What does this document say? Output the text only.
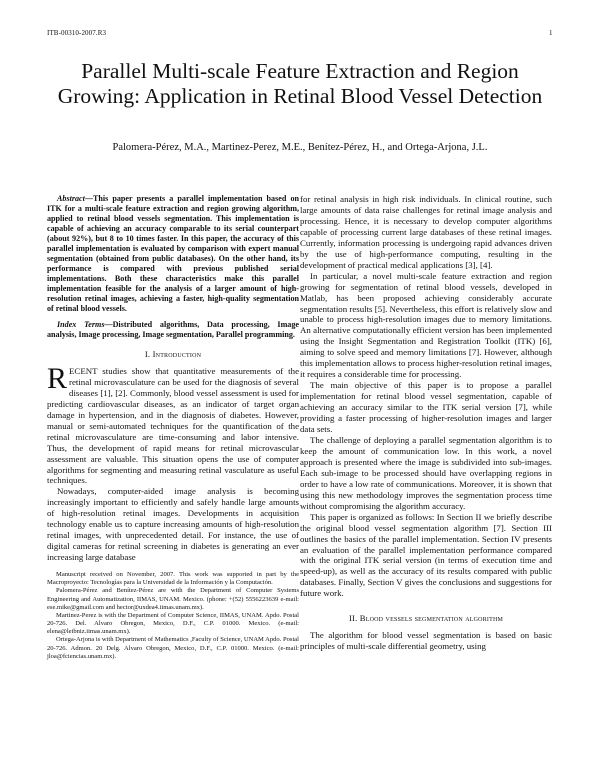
ITB-00310-2007.R3	1
Parallel Multi-scale Feature Extraction and Region Growing: Application in Retinal Blood Vessel Detection
Palomera-Pérez, M.A., Martinez-Perez, M.E., Benítez-Pérez, H., and Ortega-Arjona, J.L.

Abstract—This paper presents a parallel implementation based on ITK for a multi-scale feature extraction and region growing algorithm, applied to retinal blood vessels segmentation. This implementation is capable of achieving an accuracy comparable to its serial counterpart (about 92%), but 8 to 10 times faster. In this paper, the accuracy of this parallel implementation is evaluated by comparison with expert manual segmentation (obtained from public databases). On the other hand, its performance is compared with previous published serial implementations. Both these characteristics make this parallel implementation feasible for the analysis of a larger amount of high-resolution retinal images, achieving a faster, high-quality segmentation of retinal blood vessels.

Index Terms—Distributed algorithms, Data processing, Image analysis, Image processing, Image segmentation, Parallel programming.

I. Introduction

RECENT studies show that quantitative measurements of the retinal microvasculature can be used for the diagnosis of several diseases [1], [2]. Commonly, blood vessel assessment is used for predicting cardiovascular diseases, as an indicator of target organ damage in hypertension, and in the diagnosis of diabetes. However, manual or semi-automated techniques for the quantification of the retinal microvasculature are time-consuming and labor intensive. Thus, the development of rapid means for retinal microvascular assessment are valuable. This situation opens the use of computer algorithms for segmenting and measuring retinal vasculature as useful techniques.

Nowadays, computer-aided image analysis is becoming increasingly important to efficiently and safely handle large amounts of high-resolution retinal images. Developments in acquisition technology enable us to capture increasing amounts of high-resolution retinal images, with unprecedented detail. For instance, the use of digital cameras for retinal screening in diabetes is generating an ever increasing large database

Manuscript received on November, 2007. This work was supported in part by the Macroproyecto: Tecnologías para la Universidad de la Información y la Computación.

Palomera-Pérez and Benítez-Pérez are with the Department of Computer Systems Engineering and Automatization, IIMAS, UNAM. Mexico. (phone: +(52) 5556223639 e-mail: ese.mike@gmail.com and hector@uxdea4.iimas.unam.mx).

Martinez-Perez is with the Department of Computer Science, IIMAS, UNAM. Apdo. Postal 20-726. Del. Alvaro Obregon, Mexico, D.F., C.P. 01000. Mexico. (e-mail: elena@leibniz.iimas.unam.mx).

Ortega-Arjona is with Department of Mathematics ,Faculty of Science, UNAM Apdo. Postal 20-726. Admon. 20 Delg. Alvaro Obregon, Mexico, D.F., C.P. 01000. Mexico. (e-mail: jloa@fciencias.unam.mx).

for retinal analysis in high risk individuals. In clinical routine, such large amounts of data raise challenges for retinal image analysis and processing. Hence, it is necessary to develop computer algorithms capable of processing current large databases of these retinal images. Currently, information processing is undergoing rapid advances driven by the use of high-performance computing, resulting in the development of practical medical applications [3], [4].

In particular, a novel multi-scale feature extraction and region growing for segmentation of retinal blood vessels, developed in Matlab, has been proposed achieving considerably accurate segmentation results [5]. Nevertheless, this effort is relatively slow and unable to process high-resolution images due to memory limitations. An alternative computationally efficient version has been implemented using the Insight Segmentation and Registration Toolkit (ITK) [6], aiming to solve speed and memory limitations [7]. However, although this implementation allows to process higher-resolution retinal images, it requires a considerable time for processing.

The main objective of this paper is to propose a parallel implementation for retinal blood vessel segmentation, capable of achieving an accuracy similar to the ITK serial version [7], while providing a faster processing of higher-resolution images and larger data sets.

The challenge of deploying a parallel segmentation algorithm is to keep the amount of communication low. In this work, a novel approach is presented where the image is subdivided into sub-images. Each sub-image to be processed should have overlapping regions in order to have a low rate of communications. Moreover, it is shown that using this new methodology improves the segmentation process time without compromising the algorithm accuracy.

This paper is organized as follows: In Section II we briefly describe the original blood vessel segmentation algorithm [7]. Section III outlines the basics of the parallel implementation. Section IV presents an evaluation of the parallel implementation performance compared with the original ITK serial version (in terms of execution time and speed-up), as well as the accuracy of its results compared with public databases. Finally, Section V gives the conclusions and suggestions for future work.

II. Blood vessels segmentation algorithm

The algorithm for blood vessel segmentation is based on basic principles of multi-scale differential geometry, using
